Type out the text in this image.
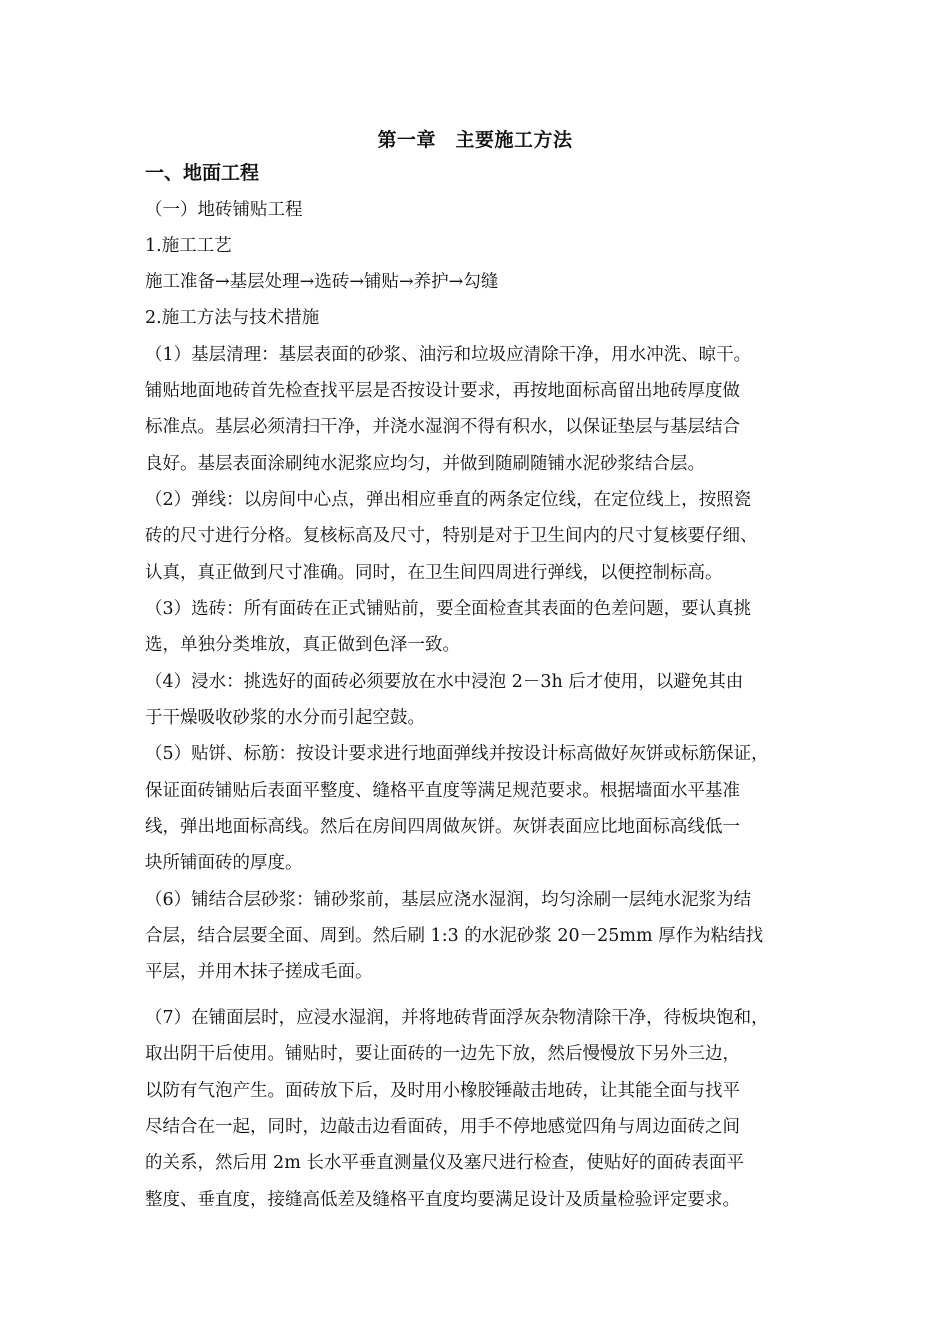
第一章　主要施工方法
一、地面工程
（一）地砖铺贴工程
1.施工工艺
施工准备→基层处理→选砖→铺贴→养护→勾缝
2.施工方法与技术措施
（1）基层清理：基层表面的砂浆、油污和垃圾应清除干净，用水冲洗、晾干。
铺贴地面地砖首先检查找平层是否按设计要求，再按地面标高留出地砖厚度做
标准点。基层必须清扫干净，并浇水湿润不得有积水，以保证垫层与基层结合
良好。基层表面涂刷纯水泥浆应均匀，并做到随刷随铺水泥砂浆结合层。
（2）弹线：以房间中心点，弹出相应垂直的两条定位线，在定位线上，按照瓷
砖的尺寸进行分格。复核标高及尺寸，特别是对于卫生间内的尺寸复核要仔细、
认真，真正做到尺寸准确。同时，在卫生间四周进行弹线，以便控制标高。
（3）选砖：所有面砖在正式铺贴前，要全面检查其表面的色差问题，要认真挑
选，单独分类堆放，真正做到色泽一致。
（4）浸水：挑选好的面砖必须要放在水中浸泡 2－3h 后才使用，以避免其由
于干燥吸收砂浆的水分而引起空鼓。
（5）贴饼、标筋：按设计要求进行地面弹线并按设计标高做好灰饼或标筋保证，
保证面砖铺贴后表面平整度、缝格平直度等满足规范要求。根据墙面水平基准
线，弹出地面标高线。然后在房间四周做灰饼。灰饼表面应比地面标高线低一
块所铺面砖的厚度。
（6）铺结合层砂浆：铺砂浆前，基层应浇水湿润，均匀涂刷一层纯水泥浆为结
合层，结合层要全面、周到。然后刷 1:3 的水泥砂浆 20－25mm 厚作为粘结找
平层，并用木抹子搓成毛面。
（7）在铺面层时，应浸水湿润，并将地砖背面浮灰杂物清除干净，待板块饱和，
取出阴干后使用。铺贴时，要让面砖的一边先下放，然后慢慢放下另外三边，
以防有气泡产生。面砖放下后，及时用小橡胶锤敲击地砖，让其能全面与找平
尽结合在一起，同时，边敲击边看面砖，用手不停地感觉四角与周边面砖之间
的关系，然后用 2m 长水平垂直测量仪及塞尺进行检查，使贴好的面砖表面平
整度、垂直度，接缝高低差及缝格平直度均要满足设计及质量检验评定要求。
